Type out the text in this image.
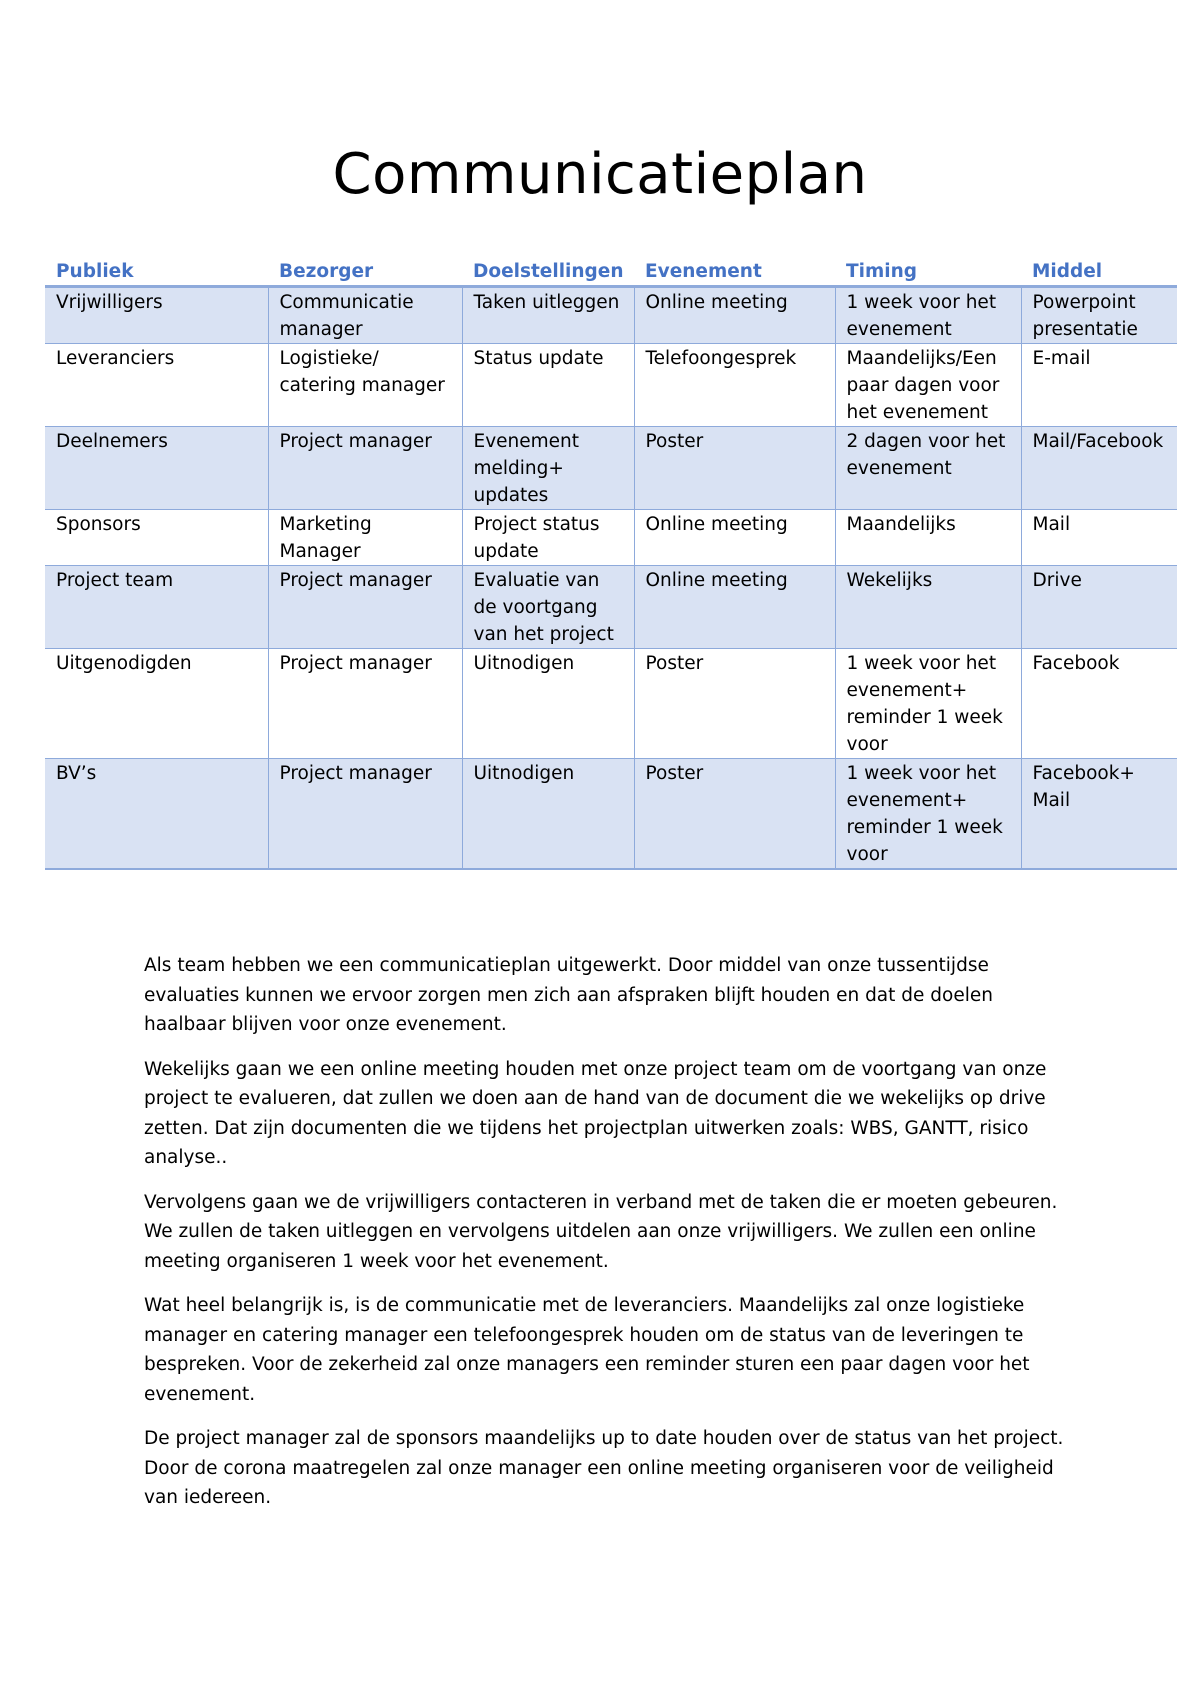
Communicatieplan
Publiek	Bezorger	Doelstellingen	Evenement	Timing	Middel
Vrijwilligers	Communicatie manager	Taken uitleggen	Online meeting	1 week voor het evenement	Powerpoint presentatie
Leveranciers	Logistieke/ catering manager	Status update	Telefoongesprek	Maandelijks/Een paar dagen voor het evenement	E-mail
Deelnemers	Project manager	Evenement melding+ updates	Poster	2 dagen voor het evenement	Mail/Facebook
Sponsors	Marketing Manager	Project status update	Online meeting	Maandelijks	Mail
Project team	Project manager	Evaluatie van de voortgang van het project	Online meeting	Wekelijks	Drive
Uitgenodigden	Project manager	Uitnodigen	Poster	1 week voor het evenement+ reminder 1 week voor	Facebook
BV’s	Project manager	Uitnodigen	Poster	1 week voor het evenement+ reminder 1 week voor	Facebook+ Mail

Als team hebben we een communicatieplan uitgewerkt. Door middel van onze tussentijdse evaluaties kunnen we ervoor zorgen men zich aan afspraken blijft houden en dat de doelen haalbaar blijven voor onze evenement.

Wekelijks gaan we een online meeting houden met onze project team om de voortgang van onze project te evalueren, dat zullen we doen aan de hand van de document die we wekelijks op drive zetten. Dat zijn documenten die we tijdens het projectplan uitwerken zoals: WBS, GANTT, risico analyse..

Vervolgens gaan we de vrijwilligers contacteren in verband met de taken die er moeten gebeuren. We zullen de taken uitleggen en vervolgens uitdelen aan onze vrijwilligers. We zullen een online meeting organiseren 1 week voor het evenement.

Wat heel belangrijk is, is de communicatie met de leveranciers. Maandelijks zal onze logistieke manager en catering manager een telefoongesprek houden om de status van de leveringen te bespreken. Voor de zekerheid zal onze managers een reminder sturen een paar dagen voor het evenement.

De project manager zal de sponsors maandelijks up to date houden over de status van het project. Door de corona maatregelen zal onze manager een online meeting organiseren voor de veiligheid van iedereen.
